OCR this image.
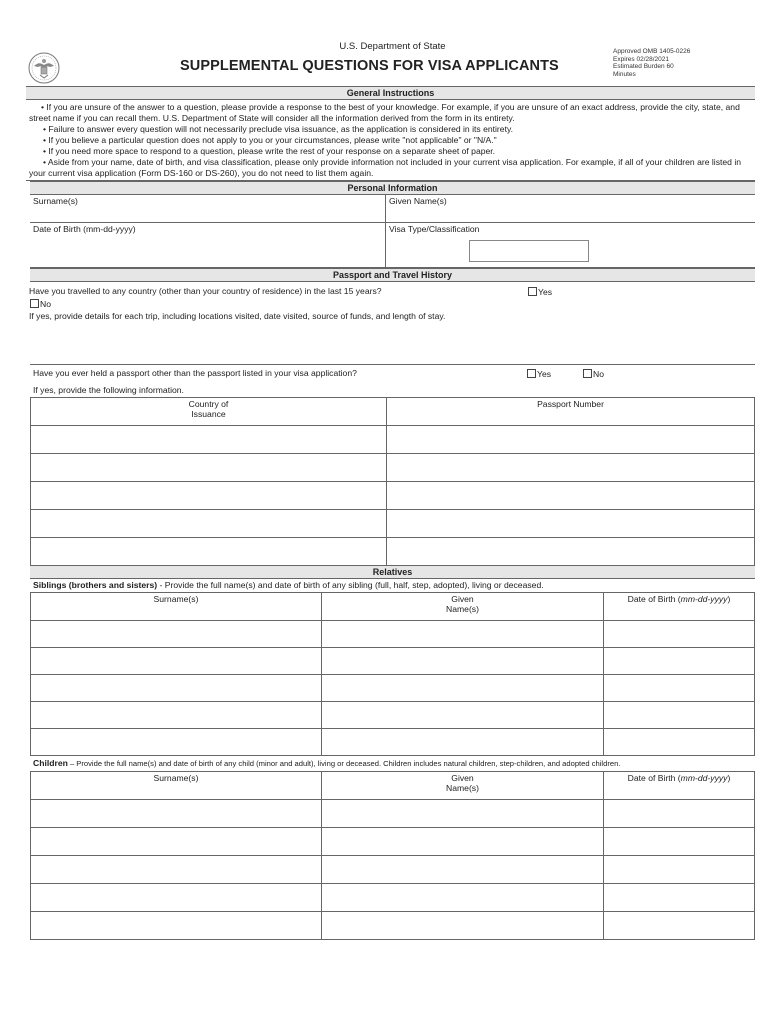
U.S. Department of State
SUPPLEMENTAL QUESTIONS FOR VISA APPLICANTS
Approved OMB 1405-0226
Expires 02/28/2021
Estimated Burden 60
Minutes
General Instructions

• If you are unsure of the answer to a question, please provide a response to the best of your knowledge. For example, if you are unsure of an exact address, provide the city, state, and street name if you can recall them. U.S. Department of State will consider all the information derived from the form in its entirety.

• Failure to answer every question will not necessarily preclude visa issuance, as the application is considered in its entirety.

• If you believe a particular question does not apply to you or your circumstances, please write "not applicable" or "N/A."

• If you need more space to respond to a question, please write the rest of your response on a separate sheet of paper.

• Aside from your name, date of birth, and visa classification, please only provide information not included in your current visa application. For example, if all of your children are listed in your current visa application (Form DS-160 or DS-260), you do not need to list them again.

Personal Information
Surname(s)	Given Name(s)
Date of Birth (mm-dd-yyyy)	Visa Type/Classification
Passport and Travel History
Have you travelled to any country (other than your country of residence) in the last 15 years?	Yes
No
If yes, provide details for each trip, including locations visited, date visited, source of funds, and length of stay.
Have you ever held a passport other than the passport listed in your visa application?	Yes	No
If yes, provide the following information.
Country of Issuance	Passport Number

Relatives
Siblings (brothers and sisters) - Provide the full name(s) and date of birth of any sibling (full, half, step, adopted), living or deceased.
Surname(s)	Given Name(s)	Date of Birth (mm-dd-yyyy)

Children – Provide the full name(s) and date of birth of any child (minor and adult), living or deceased. Children includes natural children, step-children, and adopted children.
Surname(s)	Given Name(s)	Date of Birth (mm-dd-yyyy)
